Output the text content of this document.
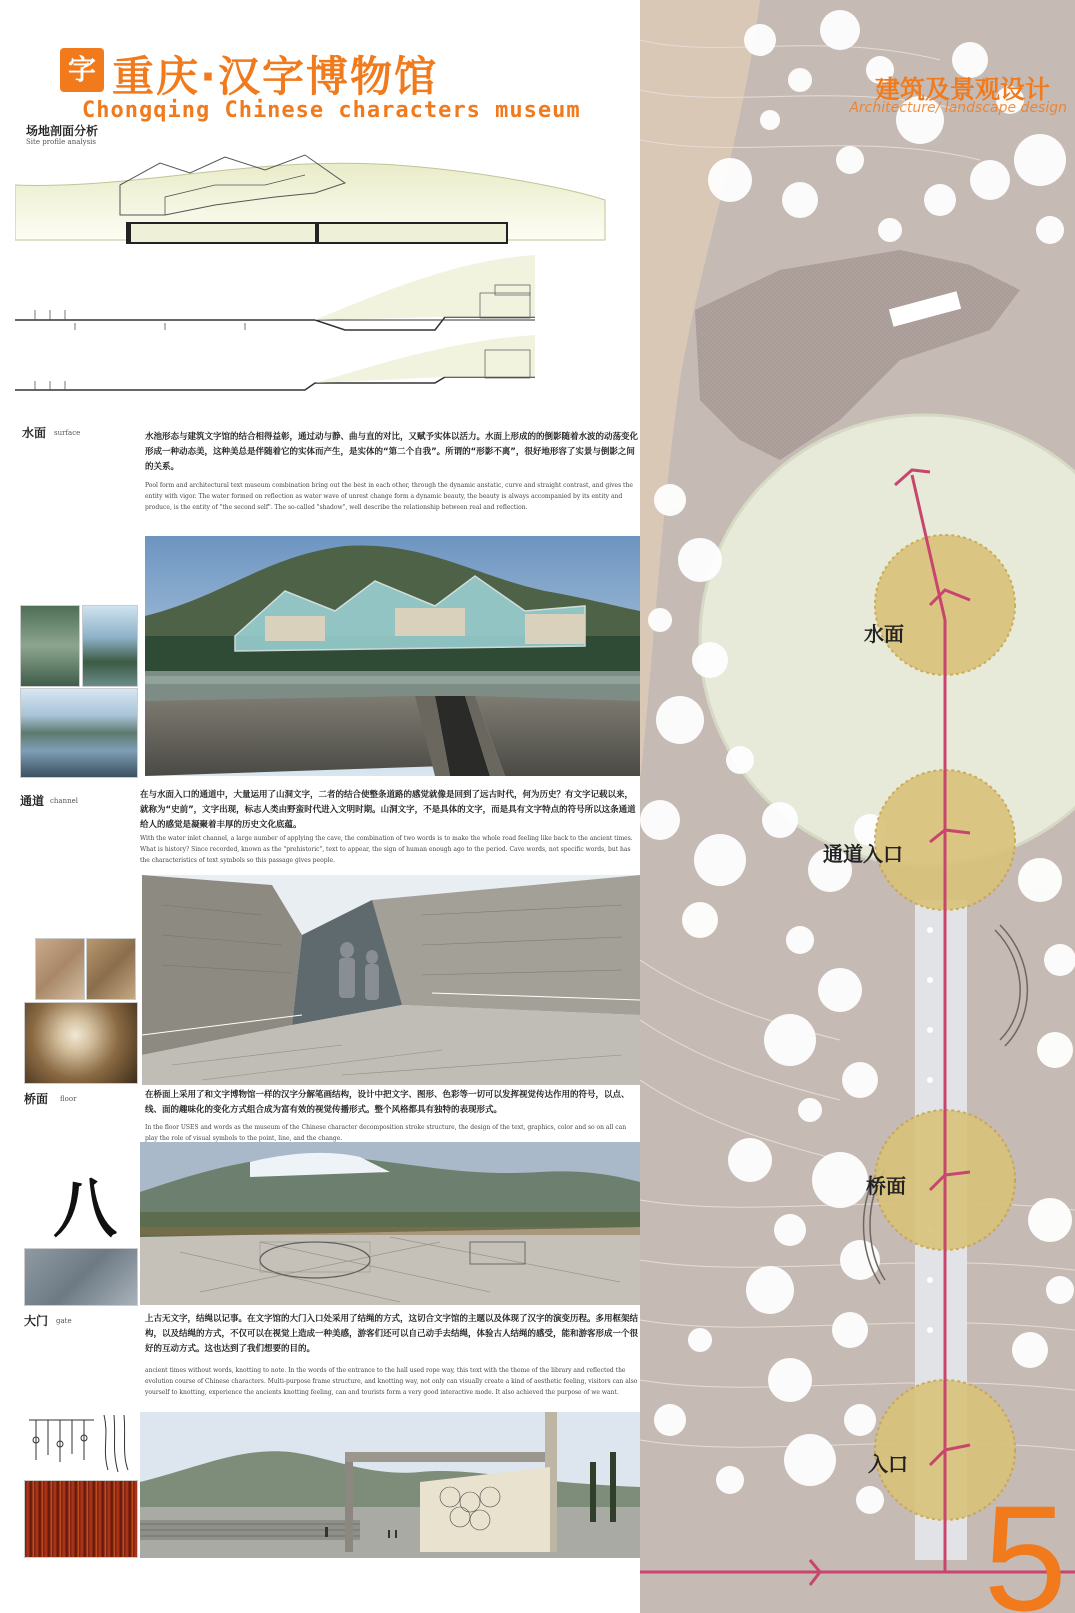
字 重庆·汉字博物馆
Chongqing Chinese characters museum
场地剖面分析
Site profile analysis
水面 surface	水池形态与建筑文字馆的结合相得益彰，通过动与静、曲与直的对比，又赋予实体以活力。水面上形成的的倒影随着水波的动荡变化形成一种动态美，这种美总是伴随着它的实体而产生，是实体的“第二个自我”。所谓的“形影不离”，很好地形容了实景与倒影之间的关系。
Pool form and architectural text museum combination bring out the best in each other, through the dynamic anstatic, curve and straight contrast, and gives the entity with vigor. The water formed on reflection as water wave of unrest change form a dynamic beauty, the beauty is always accompanied by its entity and produce, is the entity of "the second self". The so-called "shadow", well describe the relationship between real and reflection.
通道 channel
在与水面入口的通道中，大量运用了山洞文字，二者的结合使整条道路的感觉就像是回到了远古时代，何为历史？有文字记载以来，就称为“史前”，文字出现，标志人类由野蛮时代进入文明时期。山洞文字，不是具体的文字，而是具有文字特点的符号所以这条通道给人的感觉是凝聚着丰厚的历史文化底蕴。
With the water inlet channel, a large number of applying the cave, the combination of two words is to make the whole road feeling like back to the ancient times. What is history? Since recorded, known as the "prehistoric", text to appear, the sign of human enough ago to the period. Cave words, not specific words, but has the characteristics of text symbols so this passage gives people.
桥面 floor	在桥面上采用了和文字博物馆一样的汉字分解笔画结构，设计中把文字、图形、色彩等一切可以发挥视觉传达作用的符号，以点、线、面的趣味化的变化方式组合成为富有效的视觉传播形式。整个风格都具有独特的表现形式。
In the floor USES and words as the museum of the Chinese character decomposition stroke structure, the design of the text, graphics, color and so on all can play the role of visual symbols to the point, line, and the change.
八
大门 gate	上古无文字，结绳以记事。在文字馆的大门入口处采用了结绳的方式，这切合文字馆的主题以及体现了汉字的演变历程。多用框架结构，以及结绳的方式，不仅可以在视觉上造成一种美感，游客们还可以自己动手去结绳，体验古人结绳的感受，能和游客形成一个很好的互动方式。这也达到了我们想要的目的。
ancient times without words, knotting to note. In the words of the entrance to the hall used rope way, this text with the theme of the library and reflected the evolution course of Chinese characters. Multi-purpose frame structure, and knotting way, not only can visually create a kind of aesthetic feeling, visitors can also yourself to knotting, experience the ancients knotting feeling, can and tourists form a very good interactive mode. It also achieved the purpose of we want.
建筑及景观设计
Architecture/ landscape design
水面
通道入口
桥面
入口
5
